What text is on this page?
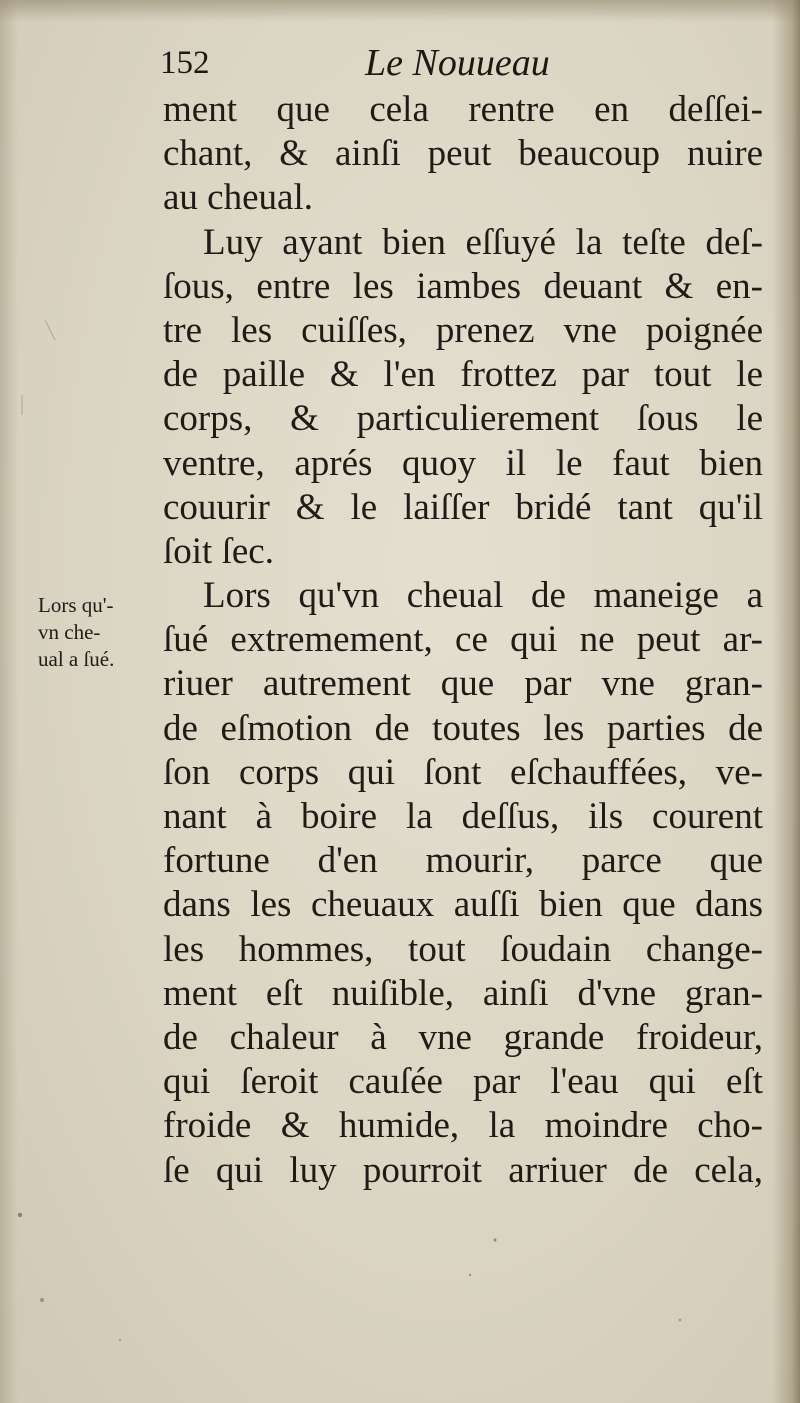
152	Le Nouueau
Lors qu'-
vn che-
ual a ſué.
ment que cela rentre en deſſei-
chant, & ainſi peut beaucoup nuire
au cheual.
Luy ayant bien eſſuyé la teſte deſ-
ſous, entre les iambes deuant & en-
tre les cuiſſes, prenez vne poignée
de paille & l'en frottez par tout le
corps, & particulierement ſous le
ventre, aprés quoy il le faut bien
couurir & le laiſſer bridé tant qu'il
ſoit ſec.
Lors qu'vn cheual de maneige a
ſué extremement, ce qui ne peut ar-
riuer autrement que par vne gran-
de eſmotion de toutes les parties de
ſon corps qui ſont eſchauffées, ve-
nant à boire la deſſus, ils courent
fortune d'en mourir, parce que
dans les cheuaux auſſi bien que dans
les hommes, tout ſoudain change-
ment eſt nuiſible, ainſi d'vne gran-
de chaleur à vne grande froideur,
qui ſeroit cauſée par l'eau qui eſt
froide & humide, la moindre cho-
ſe qui luy pourroit arriuer de cela,
